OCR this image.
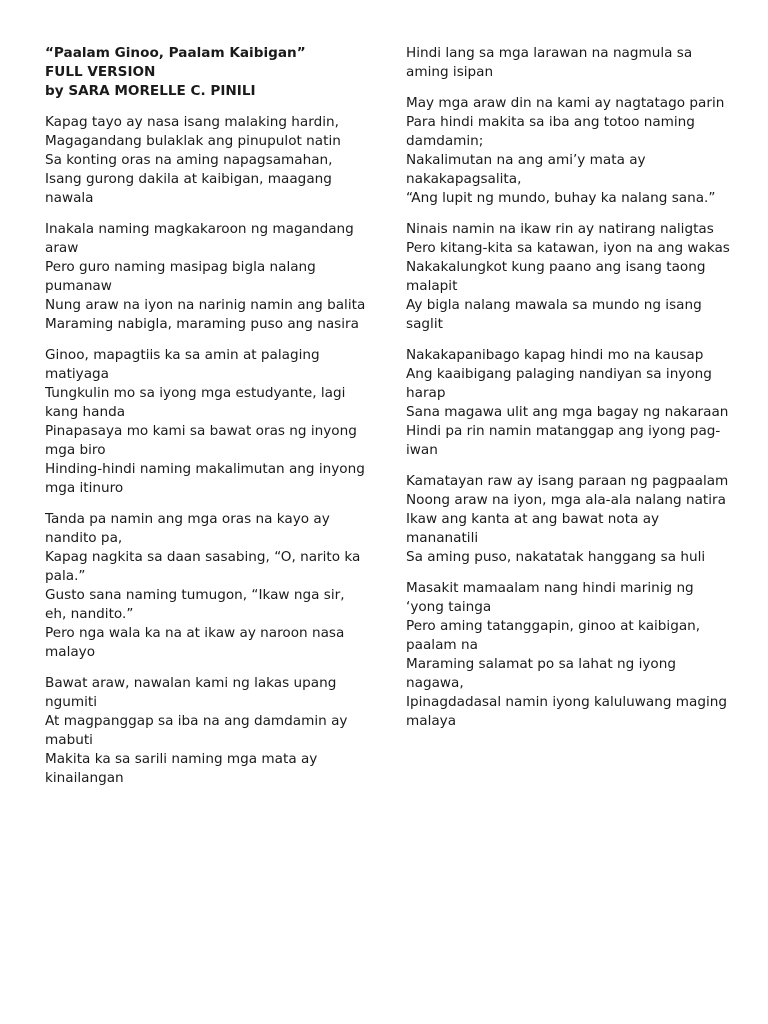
“Paalam Ginoo, Paalam Kaibigan”
FULL VERSION
by SARA MORELLE C. PINILI
Kapag tayo ay nasa isang malaking hardin,
Magagandang bulaklak ang pinupulot natin
Sa konting oras na aming napagsamahan,
Isang gurong dakila at kaibigan, maagang nawala
Inakala naming magkakaroon ng magandang araw
Pero guro naming masipag bigla nalang pumanaw
Nung araw na iyon na narinig namin ang balita
Maraming nabigla, maraming puso ang nasira
Ginoo, mapagtiis ka sa amin at palaging matiyaga
Tungkulin mo sa iyong mga estudyante, lagi kang handa
Pinapasaya mo kami sa bawat oras ng inyong mga biro
Hinding-hindi naming makalimutan ang inyong mga itinuro
Tanda pa namin ang mga oras na kayo ay nandito pa,
Kapag nagkita sa daan sasabing, “O, narito ka pala.”
Gusto sana naming tumugon, “Ikaw nga sir, eh, nandito.”
Pero nga wala ka na at ikaw ay naroon nasa malayo
Bawat araw, nawalan kami ng lakas upang ngumiti
At magpanggap sa iba na ang damdamin ay mabuti
Makita ka sa sarili naming mga mata ay kinailangan
Hindi lang sa mga larawan na nagmula sa aming isipan
May mga araw din na kami ay nagtatago parin
Para hindi makita sa iba ang totoo naming damdamin;
Nakalimutan na ang ami’y mata ay nakakapagsalita,
“Ang lupit ng mundo, buhay ka nalang sana.”
Ninais namin na ikaw rin ay natirang naligtas
Pero kitang-kita sa katawan, iyon na ang wakas
Nakakalungkot kung paano ang isang taong malapit
Ay bigla nalang mawala sa mundo ng isang saglit
Nakakapanibago kapag hindi mo na kausap
Ang kaaibigang palaging nandiyan sa inyong harap
Sana magawa ulit ang mga bagay ng nakaraan
Hindi pa rin namin matanggap ang iyong pag-iwan
Kamatayan raw ay isang paraan ng pagpaalam
Noong araw na iyon, mga ala-ala nalang natira
Ikaw ang kanta at ang bawat nota ay mananatili
Sa aming puso, nakatatak hanggang sa huli
Masakit mamaalam nang hindi marinig ng ‘yong tainga
Pero aming tatanggapin, ginoo at kaibigan, paalam na
Maraming salamat po sa lahat ng iyong nagawa,
Ipinagdadasal namin iyong kaluluwang maging malaya
